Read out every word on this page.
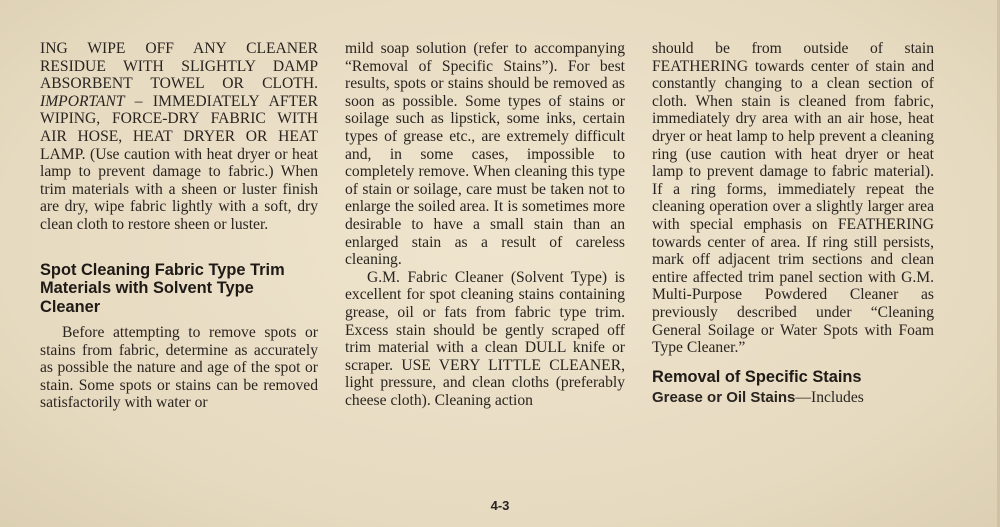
ING WIPE OFF ANY CLEANER RESIDUE WITH SLIGHTLY DAMP ABSORBENT TOWEL OR CLOTH. IMPORTANT – IMMEDIATELY AFTER WIPING, FORCE-DRY FABRIC WITH AIR HOSE, HEAT DRYER OR HEAT LAMP. (Use caution with heat dryer or heat lamp to prevent damage to fabric.) When trim materials with a sheen or luster finish are dry, wipe fabric lightly with a soft, dry clean cloth to restore sheen or luster.

Spot Cleaning Fabric Type Trim Materials with Solvent Type Cleaner

Before attempting to remove spots or stains from fabric, determine as accurately as possible the nature and age of the spot or stain. Some spots or stains can be removed satisfactorily with water or

mild soap solution (refer to accompanying “Removal of Specific Stains”). For best results, spots or stains should be removed as soon as possible. Some types of stains or soilage such as lipstick, some inks, certain types of grease etc., are extremely difficult and, in some cases, impossible to completely remove. When cleaning this type of stain or soilage, care must be taken not to enlarge the soiled area. It is sometimes more desirable to have a small stain than an enlarged stain as a result of careless cleaning.

G.M. Fabric Cleaner (Solvent Type) is excellent for spot cleaning stains containing grease, oil or fats from fabric type trim. Excess stain should be gently scraped off trim material with a clean DULL knife or scraper. USE VERY LITTLE CLEANER, light pressure, and clean cloths (preferably cheese cloth). Cleaning action

should be from outside of stain FEATHERING towards center of stain and constantly changing to a clean section of cloth. When stain is cleaned from fabric, immediately dry area with an air hose, heat dryer or heat lamp to help prevent a cleaning ring (use caution with heat dryer or heat lamp to prevent damage to fabric material). If a ring forms, immediately repeat the cleaning operation over a slightly larger area with special emphasis on FEATHERING towards center of area. If ring still persists, mark off adjacent trim sections and clean entire affected trim panel section with G.M. Multi-Purpose Powdered Cleaner as previously described under “Cleaning General Soilage or Water Spots with Foam Type Cleaner.”

Removal of Specific Stains

Grease or Oil Stains—Includes

4-3
